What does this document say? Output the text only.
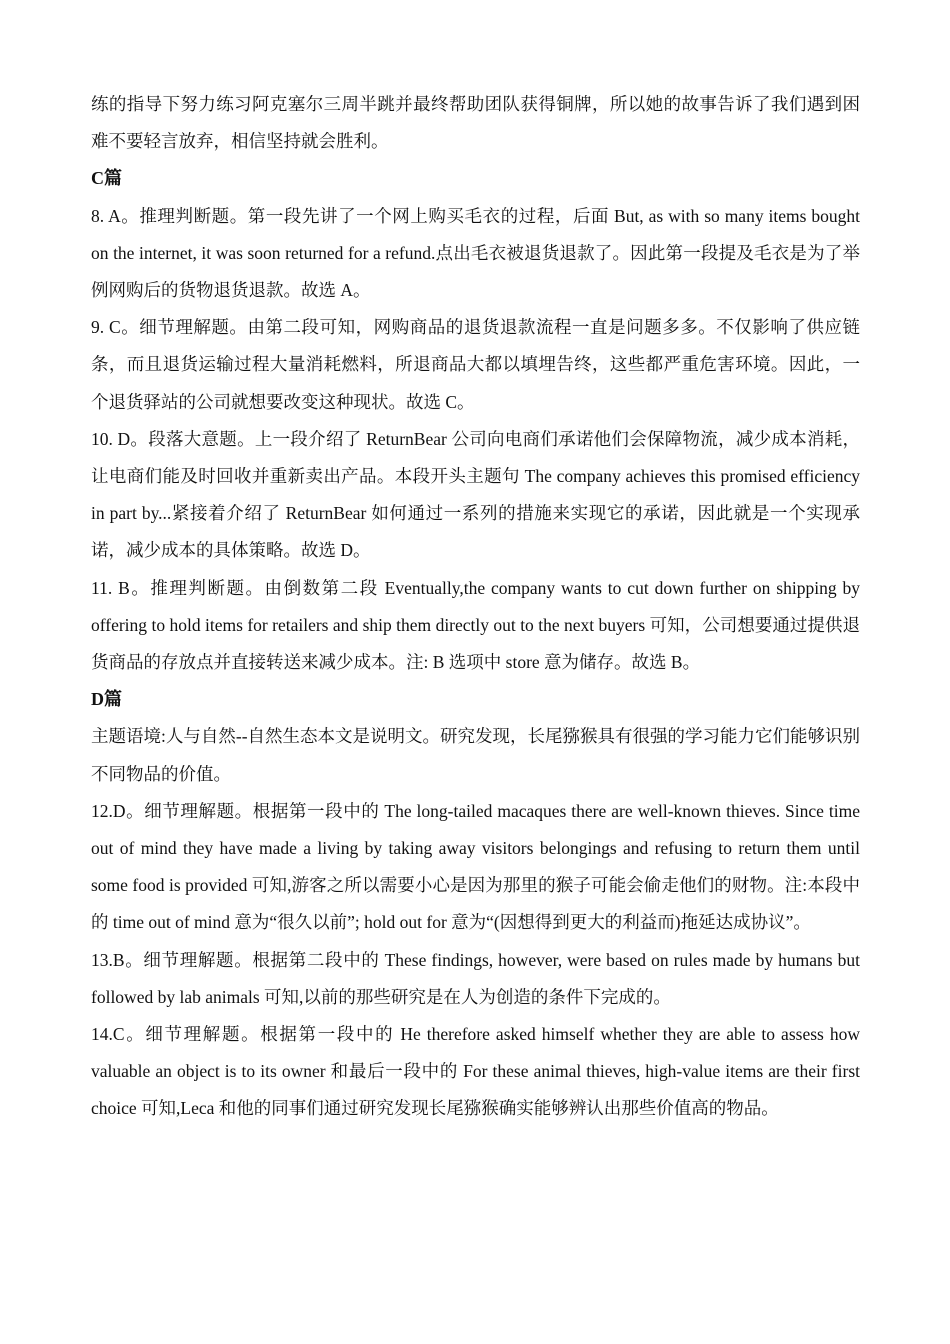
练的指导下努力练习阿克塞尔三周半跳并最终帮助团队获得铜牌，所以她的故事告诉了我们遇到困难不要轻言放弃，相信坚持就会胜利。

C篇

8. A。推理判断题。第一段先讲了一个网上购买毛衣的过程，后面 But, as with so many items bought on the internet, it was soon returned for a refund.点出毛衣被退货退款了。因此第一段提及毛衣是为了举例网购后的货物退货退款。故选 A。

9. C。细节理解题。由第二段可知，网购商品的退货退款流程一直是问题多多。不仅影响了供应链条，而且退货运输过程大量消耗燃料，所退商品大都以填埋告终，这些都严重危害环境。因此，一个退货驿站的公司就想要改变这种现状。故选 C。

10. D。段落大意题。上一段介绍了 ReturnBear 公司向电商们承诺他们会保障物流，减少成本消耗，让电商们能及时回收并重新卖出产品。本段开头主题句 The company achieves this promised efficiency in part by...紧接着介绍了 ReturnBear 如何通过一系列的措施来实现它的承诺，因此就是一个实现承诺，减少成本的具体策略。故选 D。

11. B。推理判断题。由倒数第二段 Eventually,the company wants to cut down further on shipping by offering to hold items for retailers and ship them directly out to the next buyers 可知，公司想要通过提供退货商品的存放点并直接转送来减少成本。注: B 选项中 store 意为储存。故选 B。

D篇

主题语境:人与自然--自然生态本文是说明文。研究发现，长尾猕猴具有很强的学习能力它们能够识别不同物品的价值。

12.D。细节理解题。根据第一段中的 The long-tailed macaques there are well-known thieves. Since time out of mind they have made a living by taking away visitors belongings and refusing to return them until some food is provided 可知,游客之所以需要小心是因为那里的猴子可能会偷走他们的财物。注:本段中的 time out of mind 意为“很久以前”; hold out for 意为“(因想得到更大的利益而)拖延达成协议”。

13.B。细节理解题。根据第二段中的 These findings, however, were based on rules made by humans but followed by lab animals 可知,以前的那些研究是在人为创造的条件下完成的。

14.C。细节理解题。根据第一段中的 He therefore asked himself whether they are able to assess how valuable an object is to its owner 和最后一段中的 For these animal thieves, high-value items are their first choice 可知,Leca 和他的同事们通过研究发现长尾猕猴确实能够辨认出那些价值高的物品。
